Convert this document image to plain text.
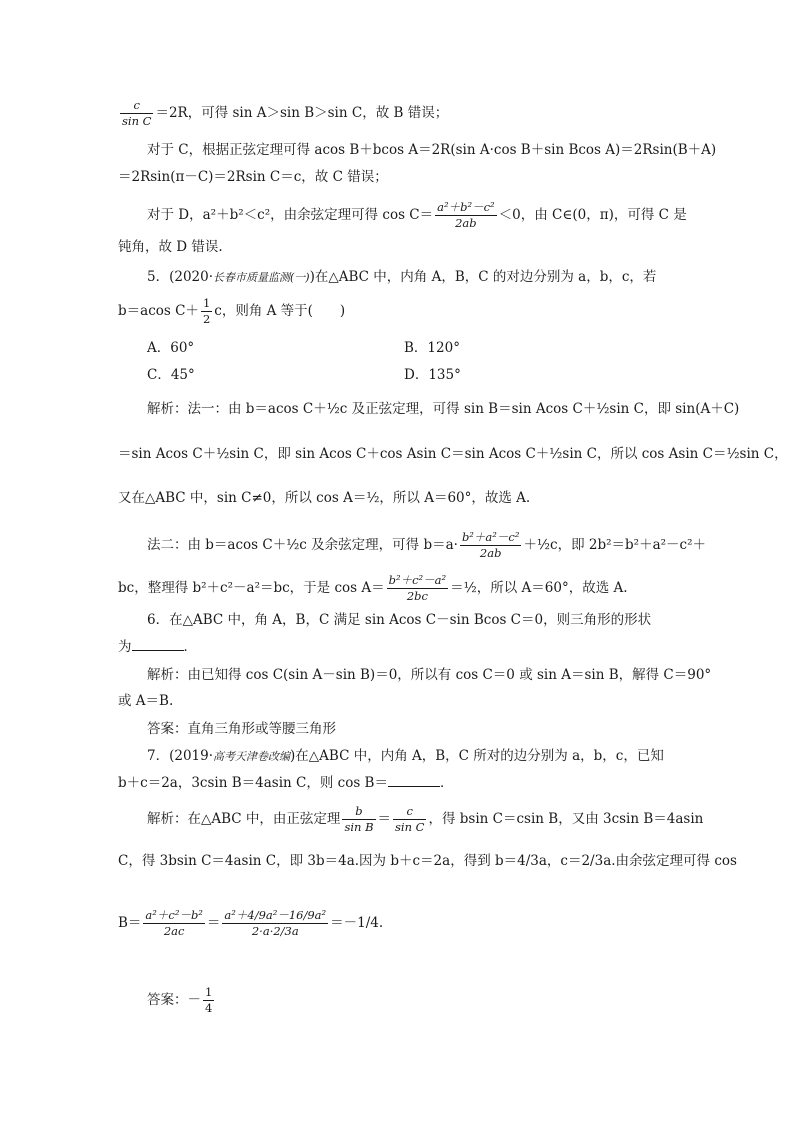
$\frac{c}{\text{sin C}} =2R$，可得 sin A＞sin B＞sin C，故 B 错误；
对于 C，根据正弦定理可得 acos B＋bcos A＝2R(sin A·cos B＋sin Bcos A)＝2Rsin(B＋A)
＝2Rsin(π－C)＝2Rsin C＝c，故 C 错误；
对于 D，a²＋b²＜c²，由余弦定理可得 $\cos C= \frac{\text{a²＋b²－c²}}{2ab} <0$，由 C∈(0，π)，可得 C 是
钝角，故 D 错误.
5．(2020·长春市质量监测(一))在△ABC 中，内角 A，B，C 的对边分别为 a，b，c，若
b＝acos $C+ \frac{1}{2}$ c，则角 A 等于(　　)
A．60°	B．120°
C．45°	D．135°
解析：法一：由 b＝acos C＋½c 及正弦定理，可得 sin B＝sin Acos C＋½sin C，即 sin(A＋C)
＝sin Acos C＋½sin C，即 sin Acos C＋cos Asin C＝sin Acos C＋½sin C，所以 cos Asin C＝½sin C，
又在△ABC 中，sin C≠0，所以 cos A＝½，所以 A＝60°，故选 A.
法二：由 b＝acos C＋½c 及余弦定理，可得 $b=a\cdot \frac{\text{b²＋a²－c²}}{2ab}$ ＋½c，即 2b²＝b²＋a²－c²＋
bc，整理得 b²＋c²－a²＝bc，于是 $\cos A= \frac{\text{b²＋c²－a²}}{2bc}$ ＝½，所以 A＝60°，故选 A.
6．在△ABC 中，角 A，B，C 满足 sin Acos C－sin Bcos C＝0，则三角形的形状
为	．
解析：由已知得 cos C(sin A－sin B)＝0，所以有 cos C＝0 或 sin A＝sin B，解得 C＝90°
或 A＝B.
答案：直角三角形或等腰三角形
7．(2019·高考天津卷改编)在△ABC 中，内角 A，B，C 所对的边分别为 a，b，c，已知
b＋c＝2a，3csin B＝4asin C，则 cos B＝	．
解析：在△ABC 中，由正弦定理 $\frac{b}{\text{sin B}} = \frac{c}{\text{sin C}}$ ，得 bsin C＝csin B，又由 3csin B＝4asin
C，得 3bsin C＝4asin C，即 3b＝4a.因为 b＋c＝2a，得到 b＝4/3a，c＝2/3a.由余弦定理可得 cos
$B= \frac{\text{a²＋c²－b²}}{2ac} = \frac{\text{a²＋4/9a²－16/9a²}}{2\cdot a\cdot 2/3a} =-1/4$.
答案：－ $\frac{1}{4}$
